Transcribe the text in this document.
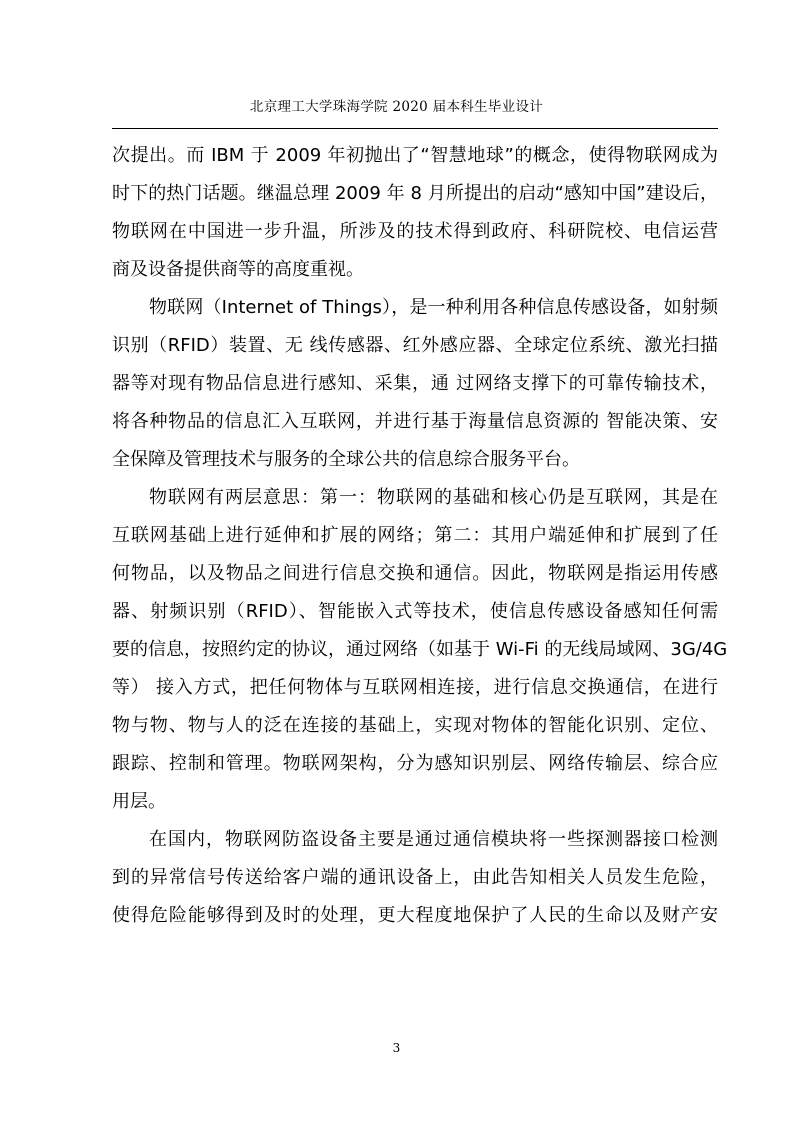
北京理工大学珠海学院 2020 届本科生毕业设计

次提出。而 IBM 于 2009 年初抛出了“智慧地球”的概念，使得物联网成为
时下的热门话题。继温总理 2009 年 8 月所提出的启动“感知中国”建设后，
物联网在中国进一步升温，所涉及的技术得到政府、科研院校、电信运营
商及设备提供商等的高度重视。

物联网（Internet of Things），是一种利用各种信息传感设备，如射频
识别（RFID）装置、无 线传感器、红外感应器、全球定位系统、激光扫描
器等对现有物品信息进行感知、采集，通 过网络支撑下的可靠传输技术，
将各种物品的信息汇入互联网，并进行基于海量信息资源的 智能决策、安
全保障及管理技术与服务的全球公共的信息综合服务平台。

物联网有两层意思：第一：物联网的基础和核心仍是互联网，其是在
互联网基础上进行延伸和扩展的网络；第二：其用户端延伸和扩展到了任
何物品，以及物品之间进行信息交换和通信。因此，物联网是指运用传感
器、射频识别（RFID）、智能嵌入式等技术，使信息传感设备感知任何需
要的信息，按照约定的协议，通过网络（如基于 Wi-Fi 的无线局域网、3G/4G
等） 接入方式，把任何物体与互联网相连接，进行信息交换通信，在进行
物与物、物与人的泛在连接的基础上，实现对物体的智能化识别、定位、
跟踪、控制和管理。物联网架构，分为感知识别层、网络传输层、综合应
用层。

在国内，物联网防盗设备主要是通过通信模块将一些探测器接口检测
到的异常信号传送给客户端的通讯设备上，由此告知相关人员发生危险，
使得危险能够得到及时的处理，更大程度地保护了人民的生命以及财产安

3
